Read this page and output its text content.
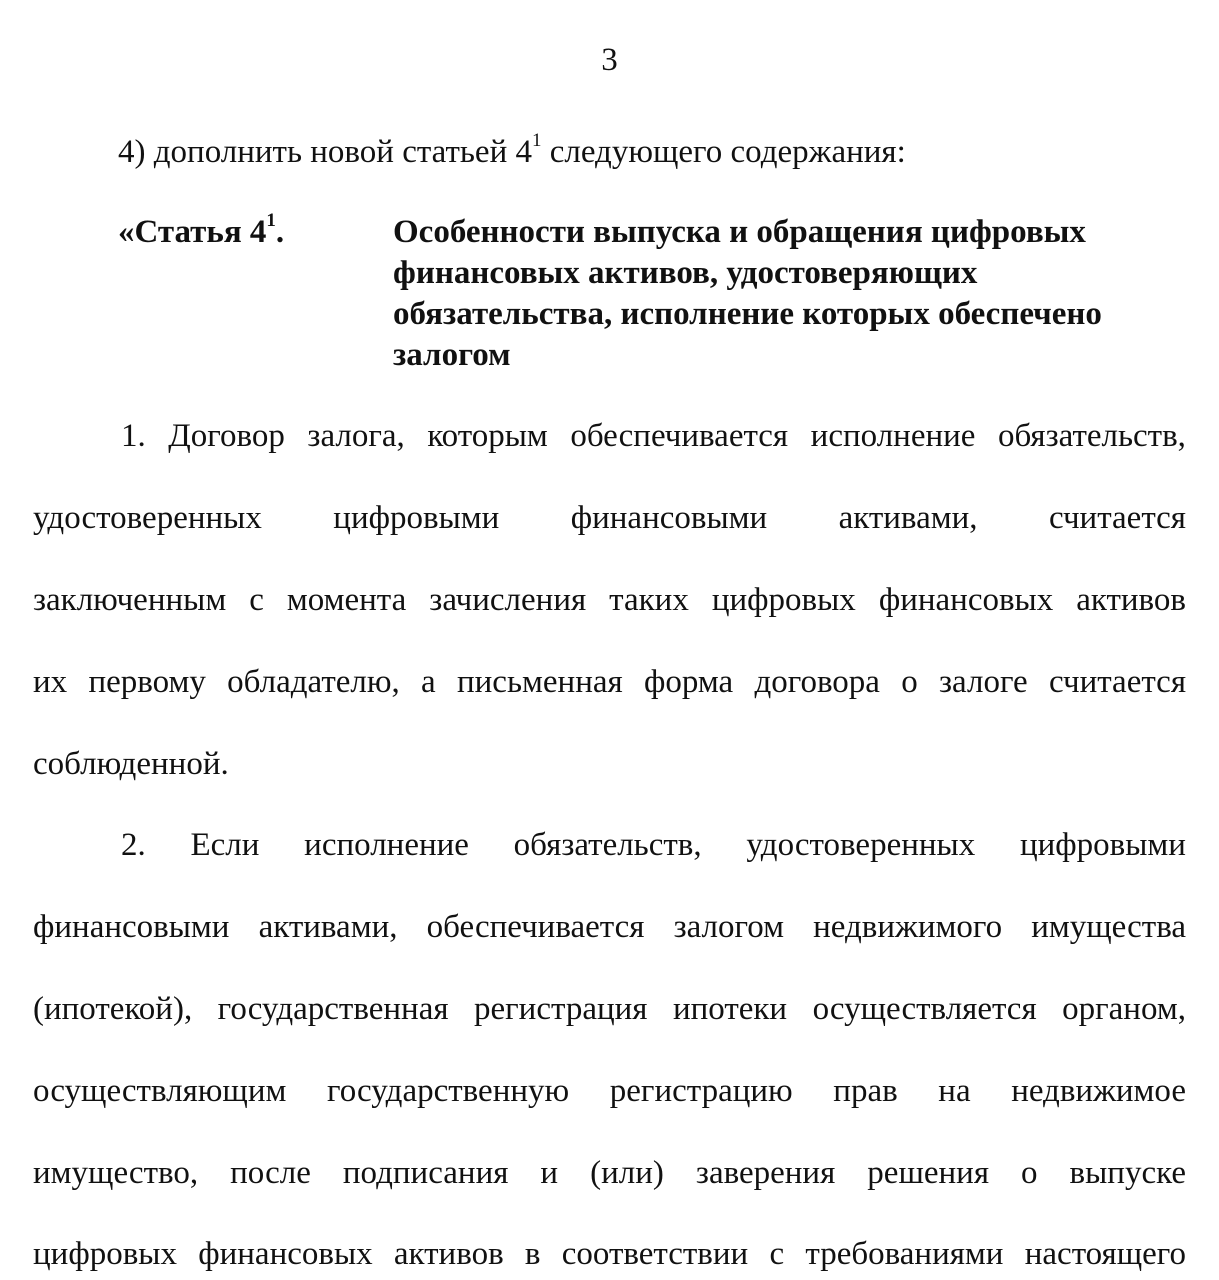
3
4) дополнить новой статьей $4^1$ следующего содержания:
«Статья $4^1$.	Особенности выпуска и обращения цифровых
финансовых активов, удостоверяющих
обязательства, исполнение которых обеспечено
залогом
1. Договор залога, которым обеспечивается исполнение обязательств,
удостоверенных цифровыми финансовыми активами, считается
заключенным с момента зачисления таких цифровых финансовых активов
их первому обладателю, а письменная форма договора о залоге считается
соблюденной.
2. Если исполнение обязательств, удостоверенных цифровыми
финансовыми активами, обеспечивается залогом недвижимого имущества
(ипотекой), государственная регистрация ипотеки осуществляется органом,
осуществляющим государственную регистрацию прав на недвижимое
имущество, после подписания и (или) заверения решения о выпуске
цифровых финансовых активов в соответствии с требованиями настоящего
